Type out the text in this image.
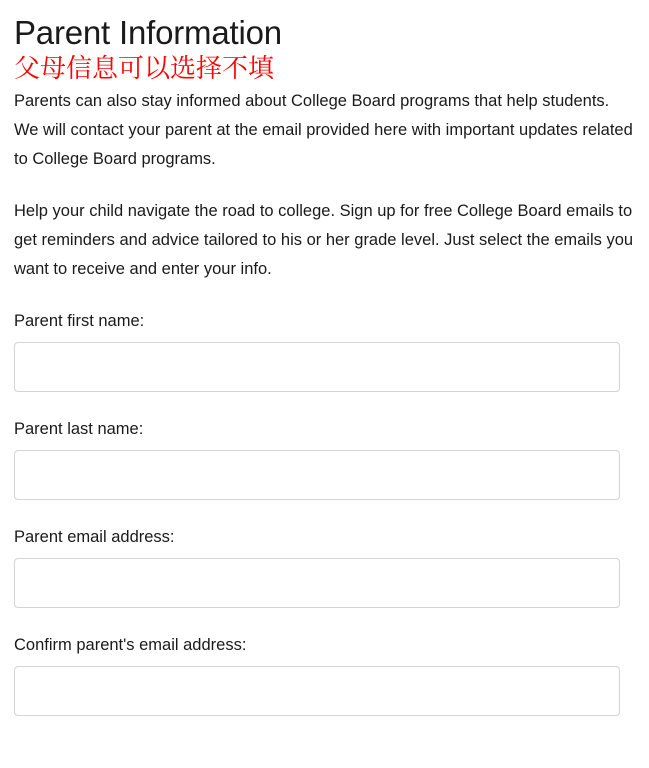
Parent Information
父母信息可以选择不填

Parents can also stay informed about College Board programs that help students. We will contact your parent at the email provided here with important updates related to College Board programs.

Help your child navigate the road to college. Sign up for free College Board emails to get reminders and advice tailored to his or her grade level. Just select the emails you want to receive and enter your info.

Parent first name:
Parent last name:
Parent email address:
Confirm parent's email address:
